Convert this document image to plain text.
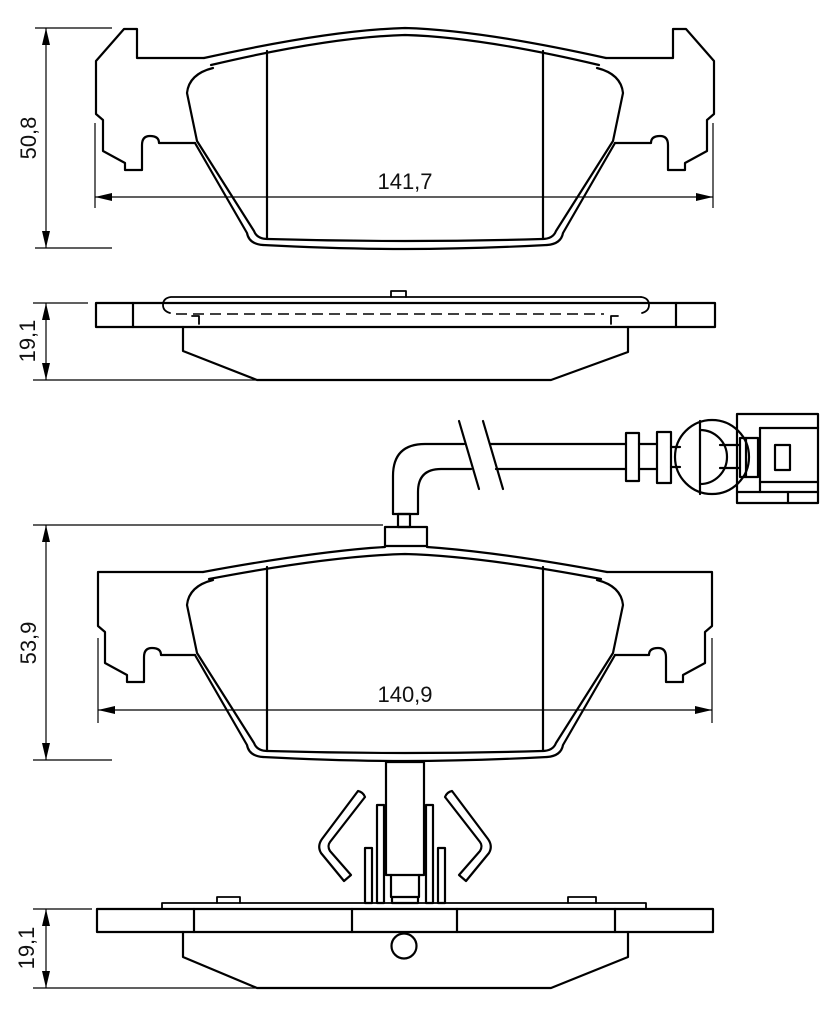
50,8
141,7
19,1
53,9
140,9
19,1
